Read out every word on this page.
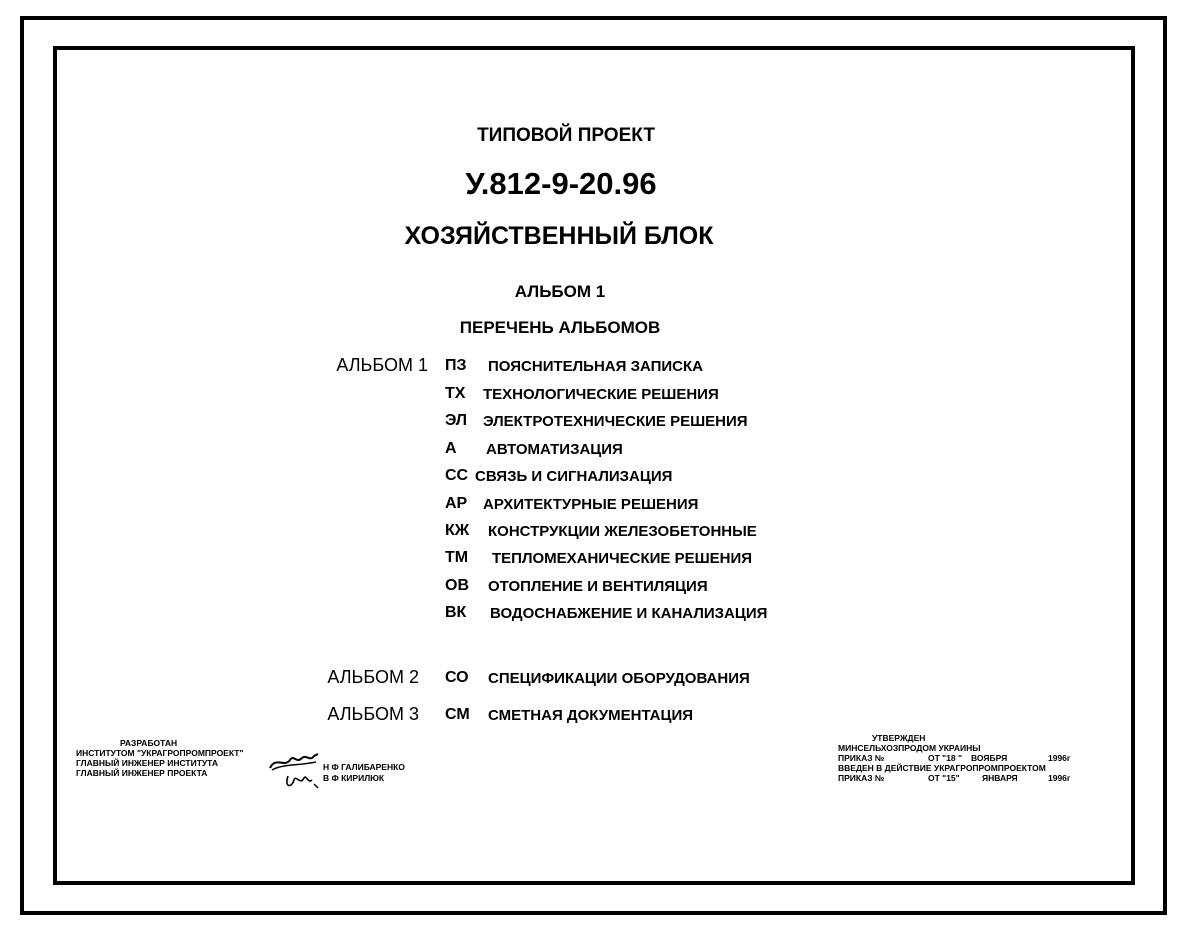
ТИПОВОЙ ПРОЕКТ
У.812-9-20.96
ХОЗЯЙСТВЕННЫЙ БЛОК
АЛЬБОМ 1
ПЕРЕЧЕНЬ АЛЬБОМОВ
АЛЬБОМ 1 ПЗ ПОЯСНИТЕЛЬНАЯ ЗАПИСКА
ТХ ТЕХНОЛОГИЧЕСКИЕ РЕШЕНИЯ
ЭЛ ЭЛЕКТРОТЕХНИЧЕСКИЕ РЕШЕНИЯ
А АВТОМАТИЗАЦИЯ
СС СВЯЗЬ И СИГНАЛИЗАЦИЯ
АР АРХИТЕКТУРНЫЕ РЕШЕНИЯ
КЖ КОНСТРУКЦИИ ЖЕЛЕЗОБЕТОННЫЕ
ТМ ТЕПЛОМЕХАНИЧЕСКИЕ РЕШЕНИЯ
ОВ ОТОПЛЕНИЕ И ВЕНТИЛЯЦИЯ
ВК ВОДОСНАБЖЕНИЕ И КАНАЛИЗАЦИЯ
АЛЬБОМ 2 СО СПЕЦИФИКАЦИИ ОБОРУДОВАНИЯ
АЛЬБОМ 3 СМ СМЕТНАЯ ДОКУМЕНТАЦИЯ
РАЗРАБОТАН
ИНСТИТУТОМ "УКРАГРОПРОМПРОЕКТ"
ГЛАВНЫЙ ИНЖЕНЕР ИНСТИТУТА
ГЛАВНЫЙ ИНЖЕНЕР ПРОЕКТА
Н Ф ГАЛИБАРЕНКО
В Ф КИРИЛЮК
УТВЕРЖДЕН
МИНСЕЛЬХОЗПРОДОМ УКРАИНЫ
ПРИКАЗ №	ОТ "18 " ВОЯБРЯ	1996г
ВВЕДЕН В ДЕЙСТВИЕ УКРАГРОПРОМПРОЕКТОМ
ПРИКАЗ №	ОТ "15"	ЯНВАРЯ	1996г
